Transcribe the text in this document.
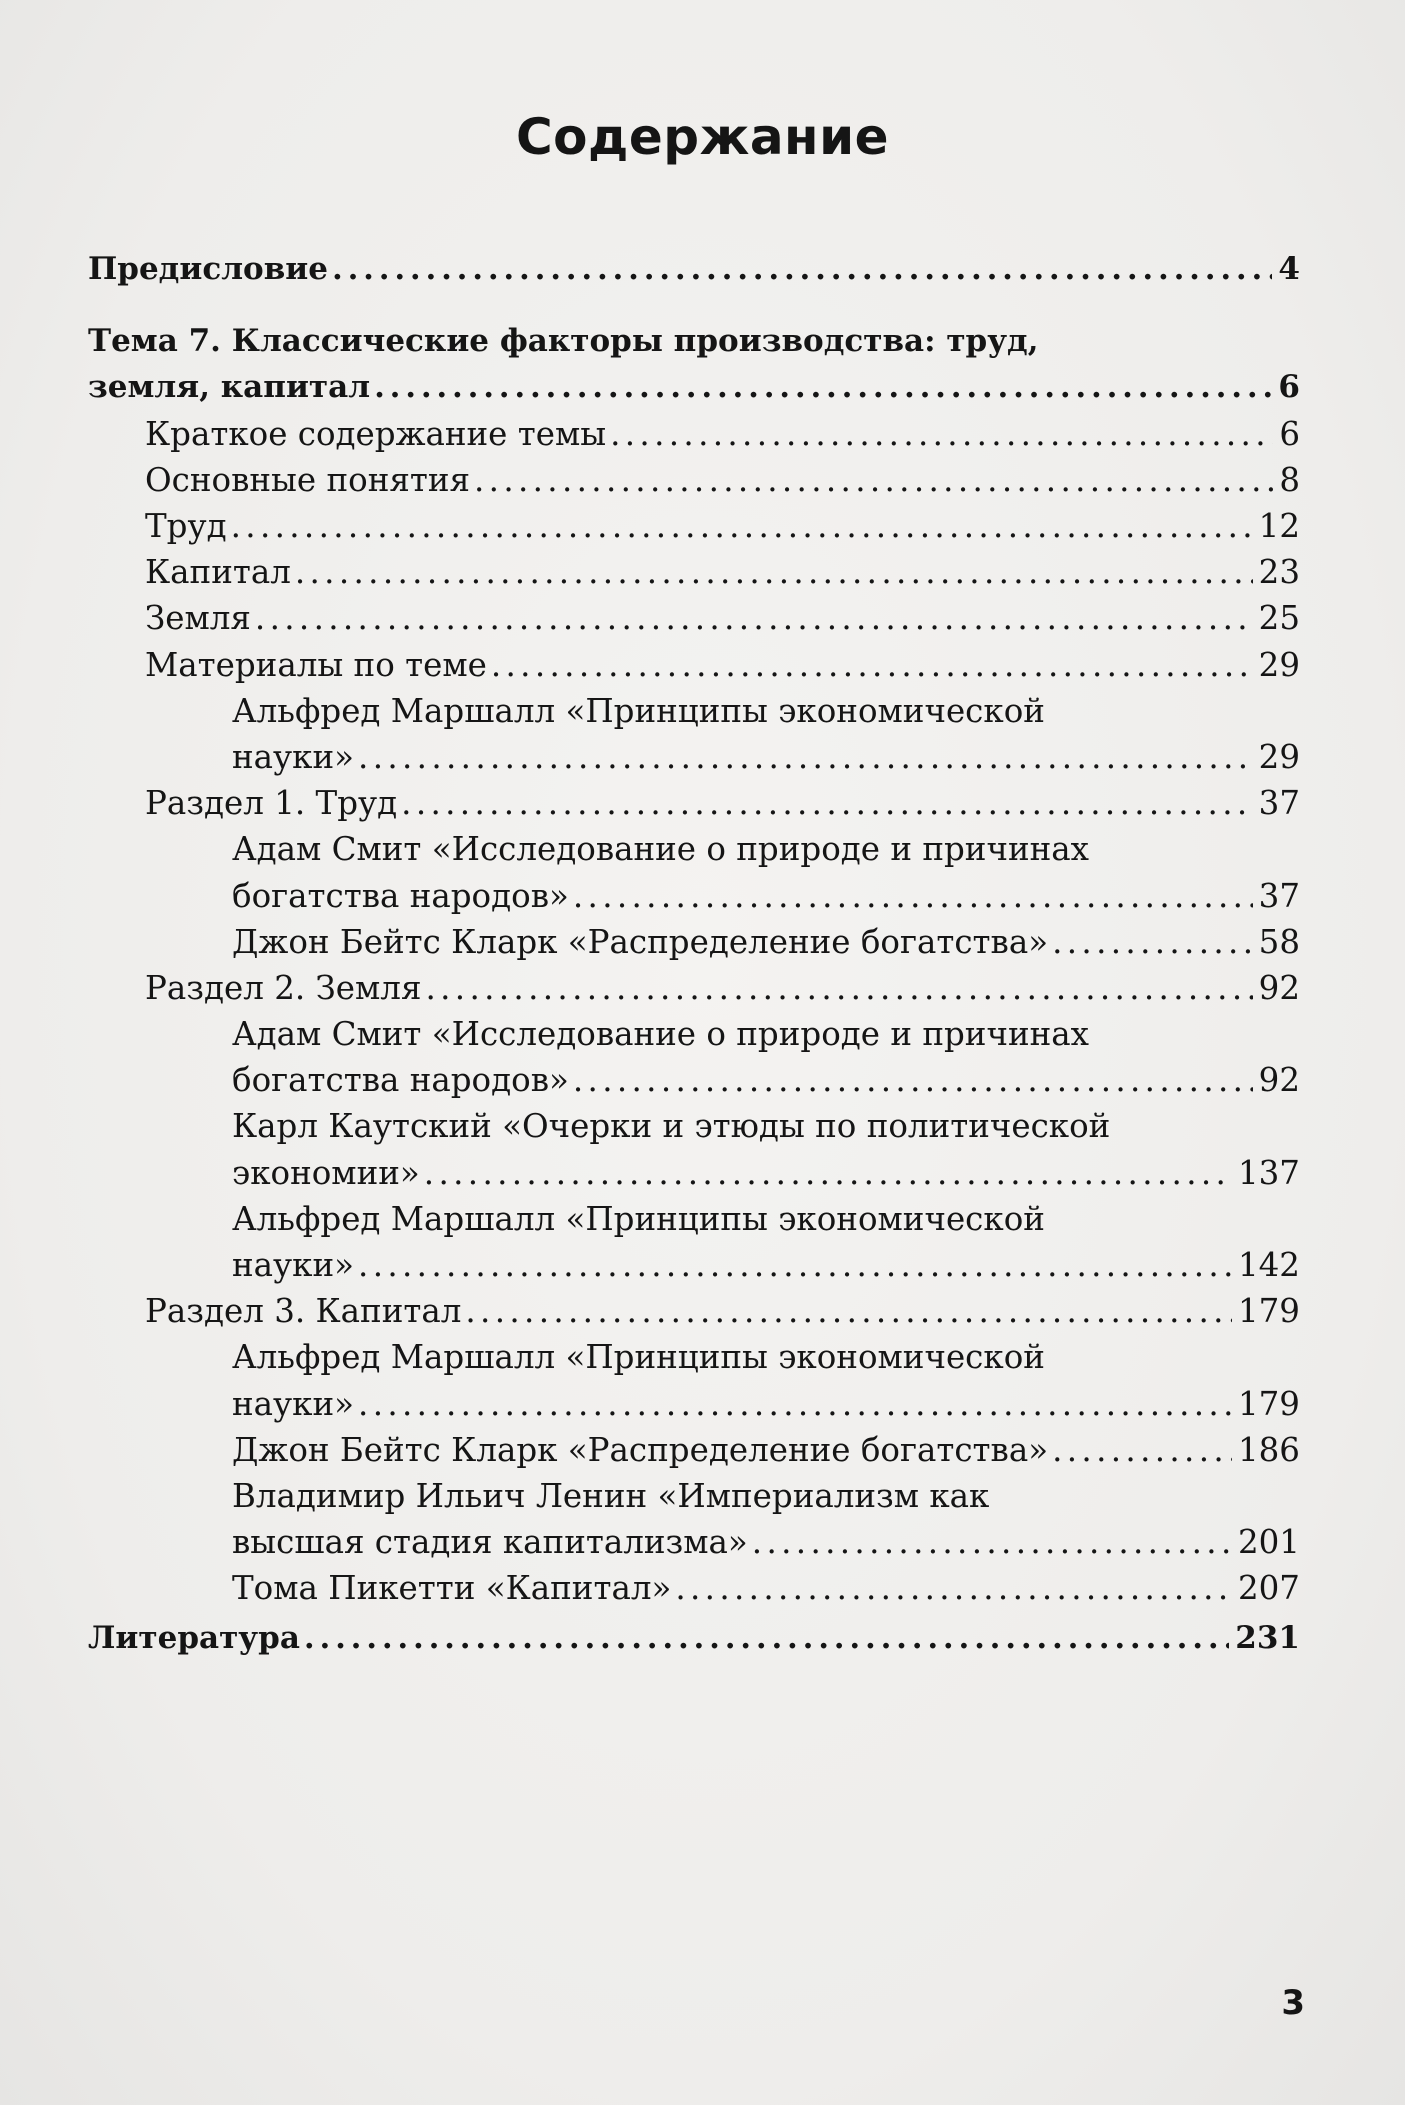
Содержание
Предисловие . . .	4
Тема 7. Классические факторы производства: труд,
земля, капитал . . .	6
Краткое содержание темы . . .	6
Основные понятия . . .	8
Труд . . .	12
Капитал . . .	23
Земля . . .	25
Материалы по теме . . .	29
Альфред Маршалл «Принципы экономической
науки» . . .	29
Раздел 1. Труд . . .	37
Адам Смит «Исследование о природе и причинах
богатства народов» . . .	37
Джон Бейтс Кларк «Распределение богатства» . . .	58
Раздел 2. Земля . . .	92
Адам Смит «Исследование о природе и причинах
богатства народов» . . .	92
Карл Каутский «Очерки и этюды по политической
экономии» . . .	137
Альфред Маршалл «Принципы экономической
науки» . . .	142
Раздел 3. Капитал . . .	179
Альфред Маршалл «Принципы экономической
науки» . . .	179
Джон Бейтс Кларк «Распределение богатства» . . .	186
Владимир Ильич Ленин «Империализм как
высшая стадия капитализма» . . .	201
Тома Пикетти «Капитал» . . .	207
Литература . . .	231
3
